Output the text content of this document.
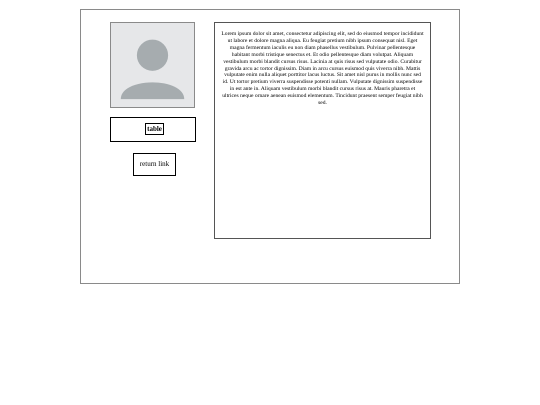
table
return link

Lorem ipsum dolor sit amet, consectetur adipiscing elit, sed do eiusmod tempor incididunt ut labore et dolore magna aliqua. Eu feugiat pretium nibh ipsum consequat nisl. Eget magna fermentum iaculis eu non diam phasellus vestibulum. Pulvinar pellentesque habitant morbi tristique senectus et. Et odio pellentesque diam volutpat. Aliquam vestibulum morbi blandit cursus risus. Lacinia at quis risus sed vulputate odio. Curabitur gravida arcu ac tortor dignissim. Diam in arcu cursus euismod quis viverra nibh. Mattis vulputate enim nulla aliquet porttitor lacus luctus. Sit amet nisl purus in mollis nunc sed id. Ut tortor pretium viverra suspendisse potenti nullam. Vulputate dignissim suspendisse in est ante in. Aliquam vestibulum morbi blandit cursus risus at. Mauris pharetra et ultrices neque ornare aenean euismod elementum. Tincidunt praesent semper feugiat nibh sed.
